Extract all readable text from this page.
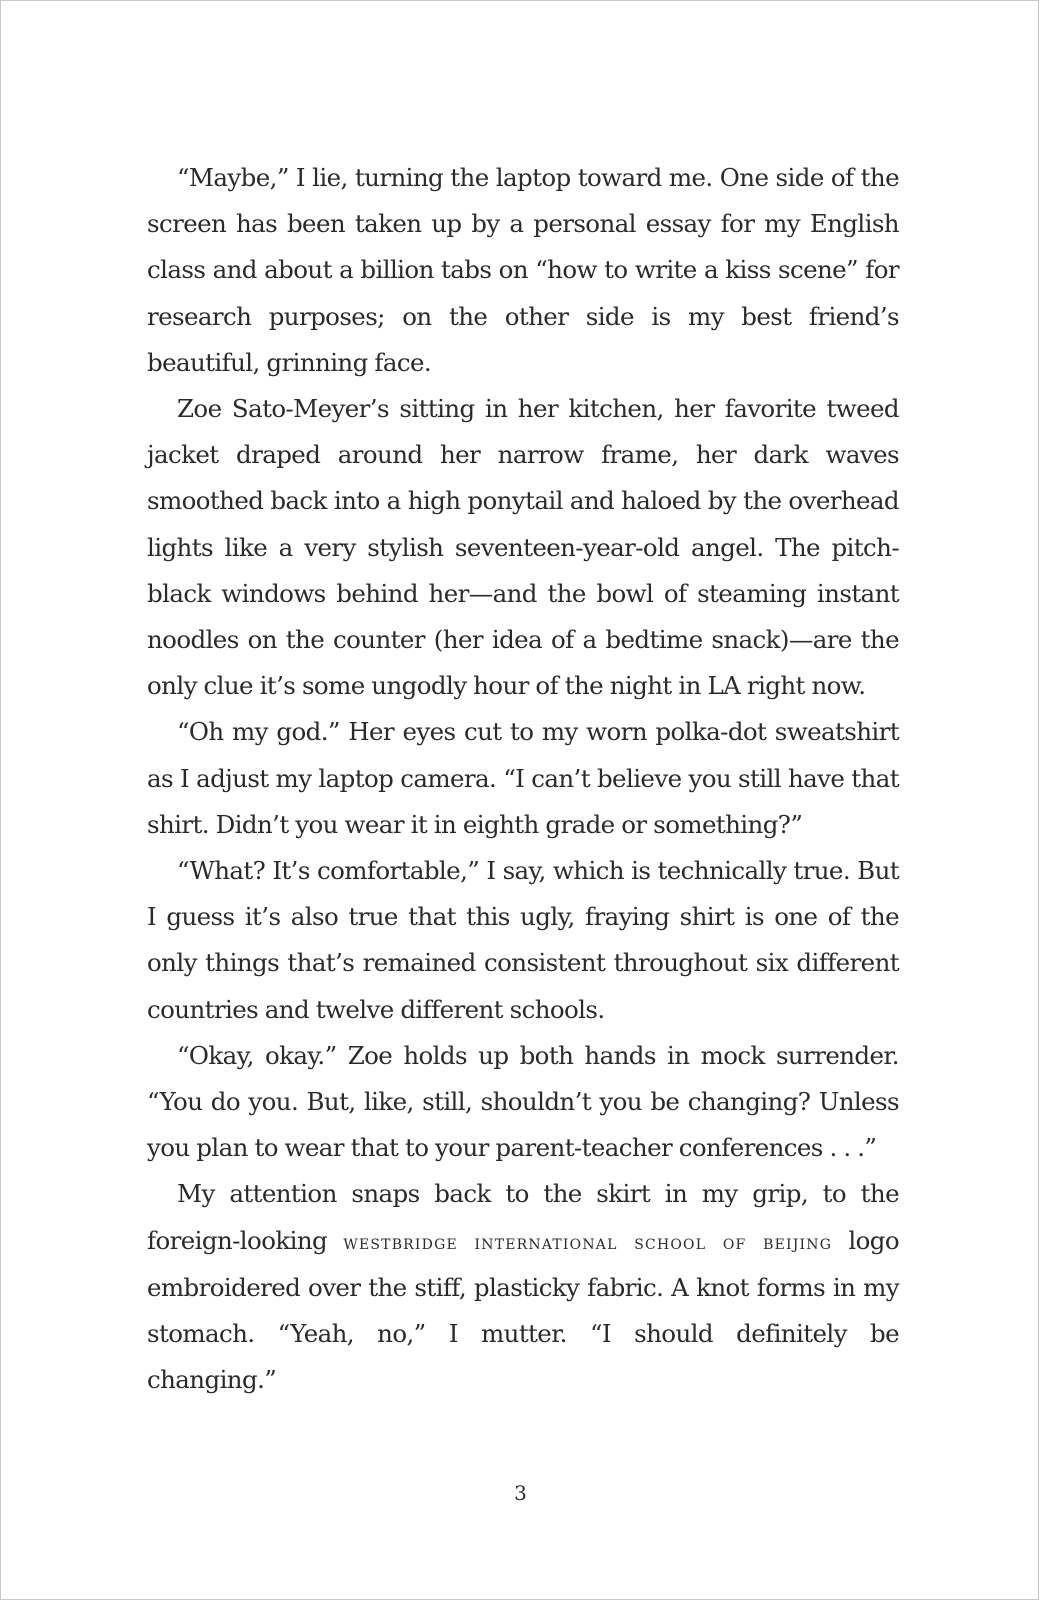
“Maybe,” I lie, turning the laptop toward me. One side of the screen has been taken up by a personal essay for my English class and about a billion tabs on “how to write a kiss scene” for research purposes; on the other side is my best friend’s beautiful, grinning face.

Zoe Sato-Meyer’s sitting in her kitchen, her favorite tweed jacket draped around her narrow frame, her dark waves smoothed back into a high ponytail and haloed by the overhead lights like a very stylish seventeen-year-old angel. The pitch-black windows behind her—and the bowl of steaming instant noodles on the counter (her idea of a bedtime snack)—are the only clue it’s some ungodly hour of the night in LA right now.

“Oh my god.” Her eyes cut to my worn polka-dot sweatshirt as I adjust my laptop camera. “I can’t believe you still have that shirt. Didn’t you wear it in eighth grade or something?”

“What? It’s comfortable,” I say, which is technically true. But I guess it’s also true that this ugly, fraying shirt is one of the only things that’s remained consistent throughout six different countries and twelve different schools.

“Okay, okay.” Zoe holds up both hands in mock surrender. “You do you. But, like, still, shouldn’t you be changing? Unless you plan to wear that to your parent-teacher conferences . . .”

My attention snaps back to the skirt in my grip, to the foreign-looking westbridge international school of beijing logo embroidered over the stiff, plasticky fabric. A knot forms in my stomach. “Yeah, no,” I mutter. “I should definitely be changing.”

3
